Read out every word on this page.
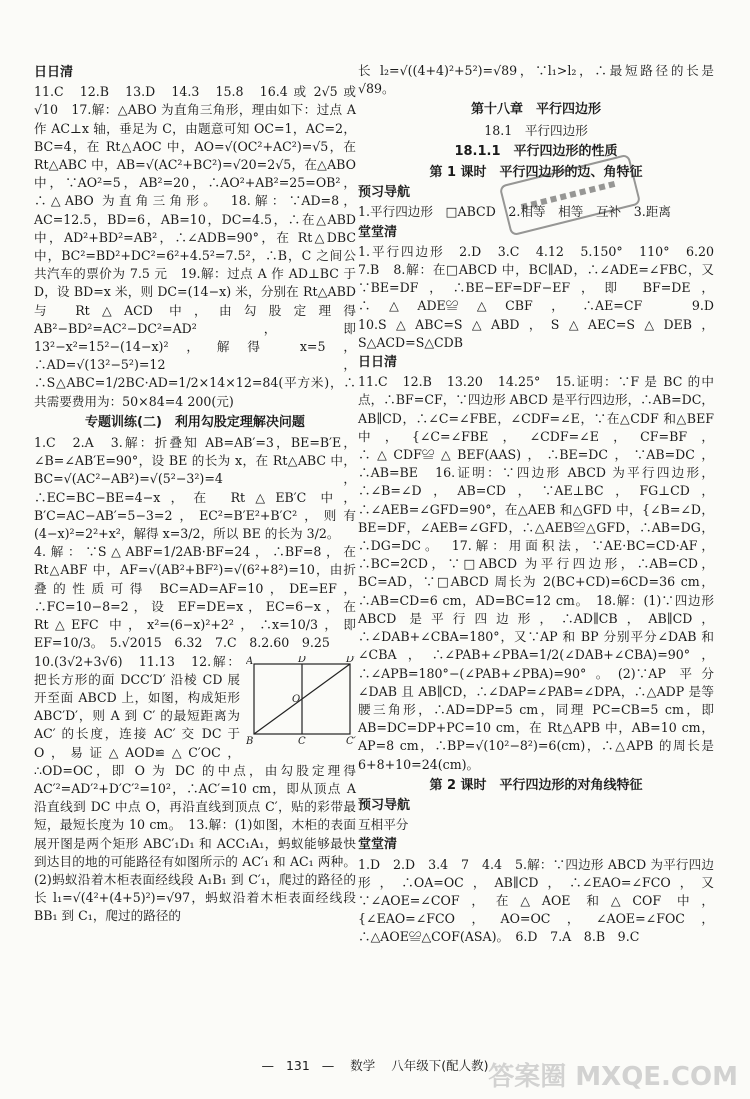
日日清

11.C　12.B　13.D　14.3　15.8　16.4 或 2√5 或 √10　17.解：△ABO 为直角三角形，理由如下：过点 A 作 AC⊥x 轴，垂足为 C，由题意可知 OC=1，AC=2，BC=4，在 Rt△AOC 中，AO=√(OC²+AC²)=√5，在 Rt△ABC 中，AB=√(AC²+BC²)=√20=2√5，在△ABO 中，∵AO²=5，AB²=20，∴AO²+AB²=25=OB²，∴△ABO 为直角三角形。　18.解：∵AD=8，AC=12.5，BD=6，AB=10，DC=4.5，∴在△ABD 中，AD²+BD²=AB²，∴∠ADB=90°，在 Rt△DBC 中，BC²=BD²+DC²=6²+4.5²=7.5²，∴B，C 之间公共汽车的票价为 7.5 元　19.解：过点 A 作 AD⊥BC 于 D，设 BD=x 米，则 DC=(14−x) 米，分别在 Rt△ABD 与 Rt△ACD 中，由勾股定理得 AB²−BD²=AC²−DC²=AD²，即 13²−x²=15²−(14−x)²，解得 x=5，∴AD=√(13²−5²)=12，∴S△ABC=1/2BC·AD=1/2×14×12=84(平方米)，∴共需要费用为：50×84=4 200(元)

专题训练(二)　利用勾股定理解决问题

1.C　2.A　3.解：折叠知 AB=AB′=3，BE=B′E，∠B=∠AB′E=90°，设 BE 的长为 x，在 Rt△ABC 中，BC=√(AC²−AB²)=√(5²−3²)=4，∴EC=BC−BE=4−x，在 Rt△EB′C 中，B′C=AC−AB′=5−3=2，EC²=B′E²+B′C²，则有 (4−x)²=2²+x²，解得 x=3/2，所以 BE 的长为 3/2。

4.解：∵S△ABF=1/2AB·BF=24，∴BF=8，在 Rt△ABF 中，AF=√(AB²+BF²)=√(6²+8²)=10，由折叠的性质可得 BC=AD=AF=10，DE=EF，∴FC=10−8=2，设 EF=DE=x，EC=6−x，在 Rt△EFC 中，x²=(6−x)²+2²，∴x=10/3，即 EF=10/3。　5.√2015　6.32　7.C　8.2.60　9.25

A	D	D′
O
B	C	C′

10.(3√2+3√6)　11.13　12.解：把长方形的面 DCC′D′ 沿棱 CD 展开至面 ABCD 上，如图，构成矩形 ABC′D′，则 A 到 C′ 的最短距离为 AC′ 的长度，连接 AC′ 交 DC 于 O，易证△AOD≌△C′OC，∴OD=OC，即 O 为 DC 的中点，由勾股定理得 AC′²=AD′²+D′C′²=10²，∴AC′=10 cm，即从顶点 A 沿直线到 DC 中点 O，再沿直线到顶点 C′，贴的彩带最短，最短长度为 10 cm。　13.解：(1)如图，木柜的表面展开图是两个矩形 ABC′₁D₁ 和 ACC₁A₁，蚂蚁能够最快到达目的地的可能路径有如图所示的 AC′₁ 和 AC₁ 两种。(2)蚂蚁沿着木柜表面经线段 A₁B₁ 到 C′₁，爬过的路径的长 l₁=√(4²+(4+5)²)=√97，蚂蚁沿着木柜表面经线段 BB₁ 到 C₁，爬过的路径的

长 l₂=√((4+4)²+5²)=√89，∵l₁>l₂，∴最短路径的长是 √89。

第十八章　平行四边形
18.1　平行四边形
18.1.1　平行四边形的性质
第 1 课时　平行四边形的边、角特征
预习导航

1.平行四边形　□ABCD　2.相等　相等　互补　3.距离

堂堂清

1.平行四边形　2.D　3.C　4.12　5.150°　110°　6.20　7.B　8.解：在□ABCD 中，BC∥AD，∴∠ADE=∠FBC，又∵BE=DF，∴BE−EF=DF−EF，即 BF=DE，∴△ADE≌△CBF，∴AE=CF　9.D　10.S△ABC=S△ABD，S△AEC=S△DEB，S△ACD=S△CDB

日日清

11.C　12.B　13.20　14.25°　15.证明：∵F 是 BC 的中点，∴BF=CF，∵四边形 ABCD 是平行四边形，∴AB=DC，AB∥CD，∴∠C=∠FBE，∠CDF=∠E，∵在△CDF 和△BEF 中，{∠C=∠FBE，∠CDF=∠E，CF=BF，∴△CDF≌△BEF(AAS)，∴BE=DC，∵AB=DC，∴AB=BE　16.证明：∵四边形 ABCD 为平行四边形，∴∠B=∠D，AB=CD，∵AE⊥BC，FG⊥CD，∴∠AEB=∠GFD=90°，在△AEB 和△GFD 中，{∠B=∠D，BE=DF，∠AEB=∠GFD，∴△AEB≌△GFD，∴AB=DG，∴DG=DC。　17.解：用面积法，∵AE·BC=CD·AF，∴BC=2CD，∵□ABCD 为平行四边形，∴AB=CD，BC=AD，∵□ABCD 周长为 2(BC+CD)=6CD=36 cm，∴AB=CD=6 cm，AD=BC=12 cm。　18.解：(1)∵四边形 ABCD 是平行四边形，∴AD∥CB，AB∥CD，∴∠DAB+∠CBA=180°，又∵AP 和 BP 分别平分∠DAB 和∠CBA，∴∠PAB+∠PBA=1/2(∠DAB+∠CBA)=90°，∴∠APB=180°−(∠PAB+∠PBA)=90°。(2)∵AP 平分∠DAB 且 AB∥CD，∴∠DAP=∠PAB=∠DPA，∴△ADP 是等腰三角形，∴AD=DP=5 cm，同理 PC=CB=5 cm，即 AB=DC=DP+PC=10 cm，在 Rt△APB 中，AB=10 cm，AP=8 cm，∴BP=√(10²−8²)=6(cm)，∴△APB 的周长是 6+8+10=24(cm)。

第 2 课时　平行四边形的对角线特征
预习导航

互相平分

堂堂清

1.D　2.D　3.4　7　4.4　5.解：∵四边形 ABCD 为平行四边形，∴OA=OC，AB∥CD，∴∠EAO=∠FCO，又∵∠AOE=∠COF，在△AOE 和△COF 中，{∠EAO=∠FCO，AO=OC，∠AOE=∠FOC，∴△AOE≌△COF(ASA)。　6.D　7.A　8.B　9.C

— 131 — 数学 八年级下(配人教) 答案圈 MXQE.COM
